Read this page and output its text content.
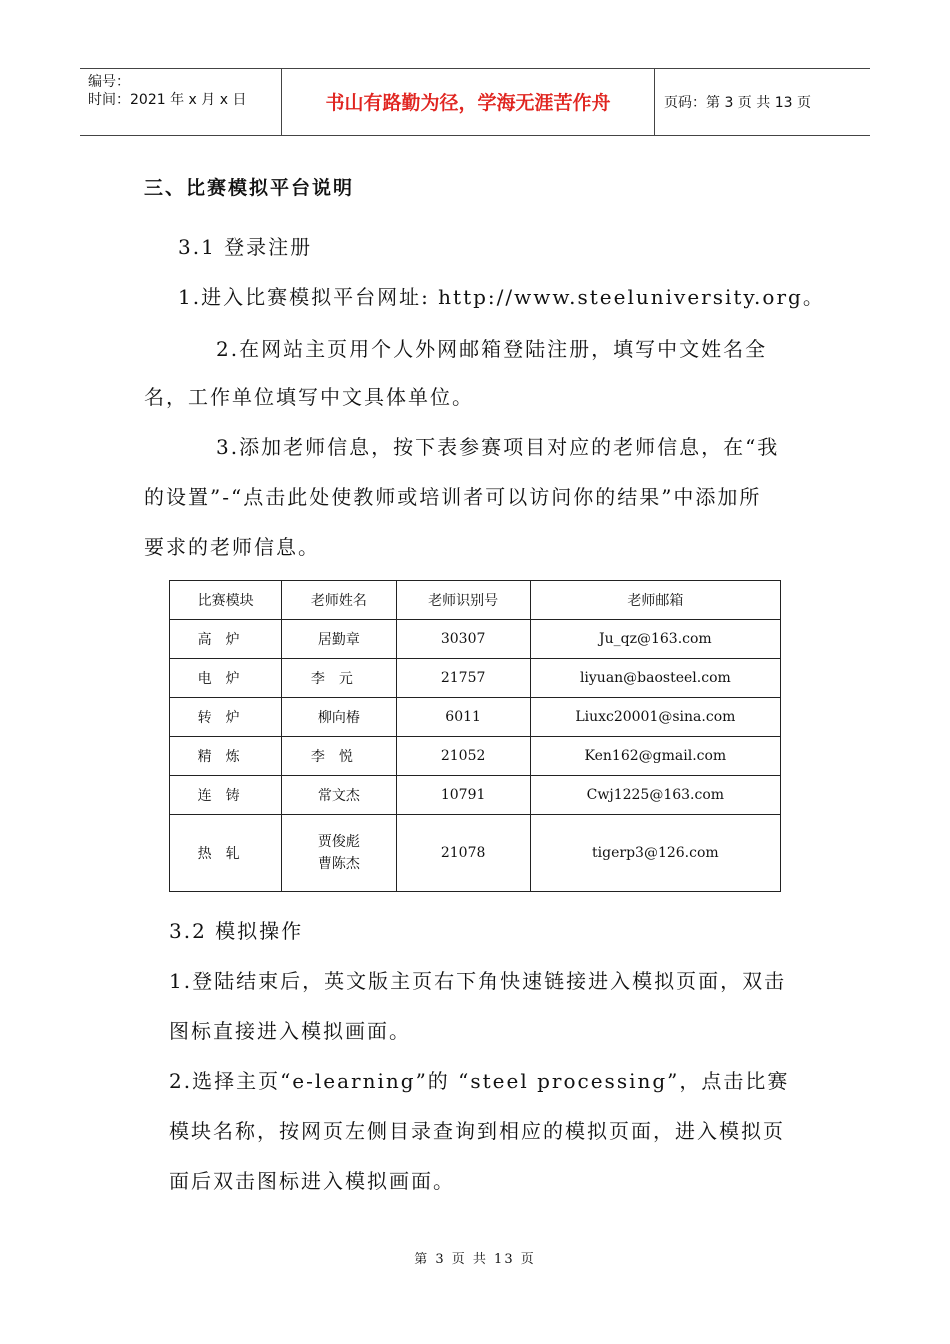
编号：
时间：2021 年 x 月 x 日	书山有路勤为径，学海无涯苦作舟	页码：第 3 页 共 13 页
三、比赛模拟平台说明
3.1 登录注册
1.进入比赛模拟平台网址: http://www.steeluniversity.org。
2.在网站主页用个人外网邮箱登陆注册，填写中文姓名全
名，工作单位填写中文具体单位。
3.添加老师信息，按下表参赛项目对应的老师信息，在“我
的设置”-“点击此处使教师或培训者可以访问你的结果”中添加所
要求的老师信息。
比赛模块	老师姓名	老师识别号	老师邮箱
高炉	居勤章	30307	Ju_qz@163.com
电炉	李元	21757	liyuan@baosteel.com
转炉	柳向椿	6011	Liuxc20001@sina.com
精炼	李悦	21052	Ken162@gmail.com
连铸	常文杰	10791	Cwj1225@163.com
热轧	贾俊彪
曹陈杰	21078	tigerp3@126.com
3.2 模拟操作
1.登陆结束后，英文版主页右下角快速链接进入模拟页面，双击
图标直接进入模拟画面。
2.选择主页“e-learning”的 “steel processing”，点击比赛
模块名称，按网页左侧目录查询到相应的模拟页面，进入模拟页
面后双击图标进入模拟画面。
第 3 页 共 13 页
